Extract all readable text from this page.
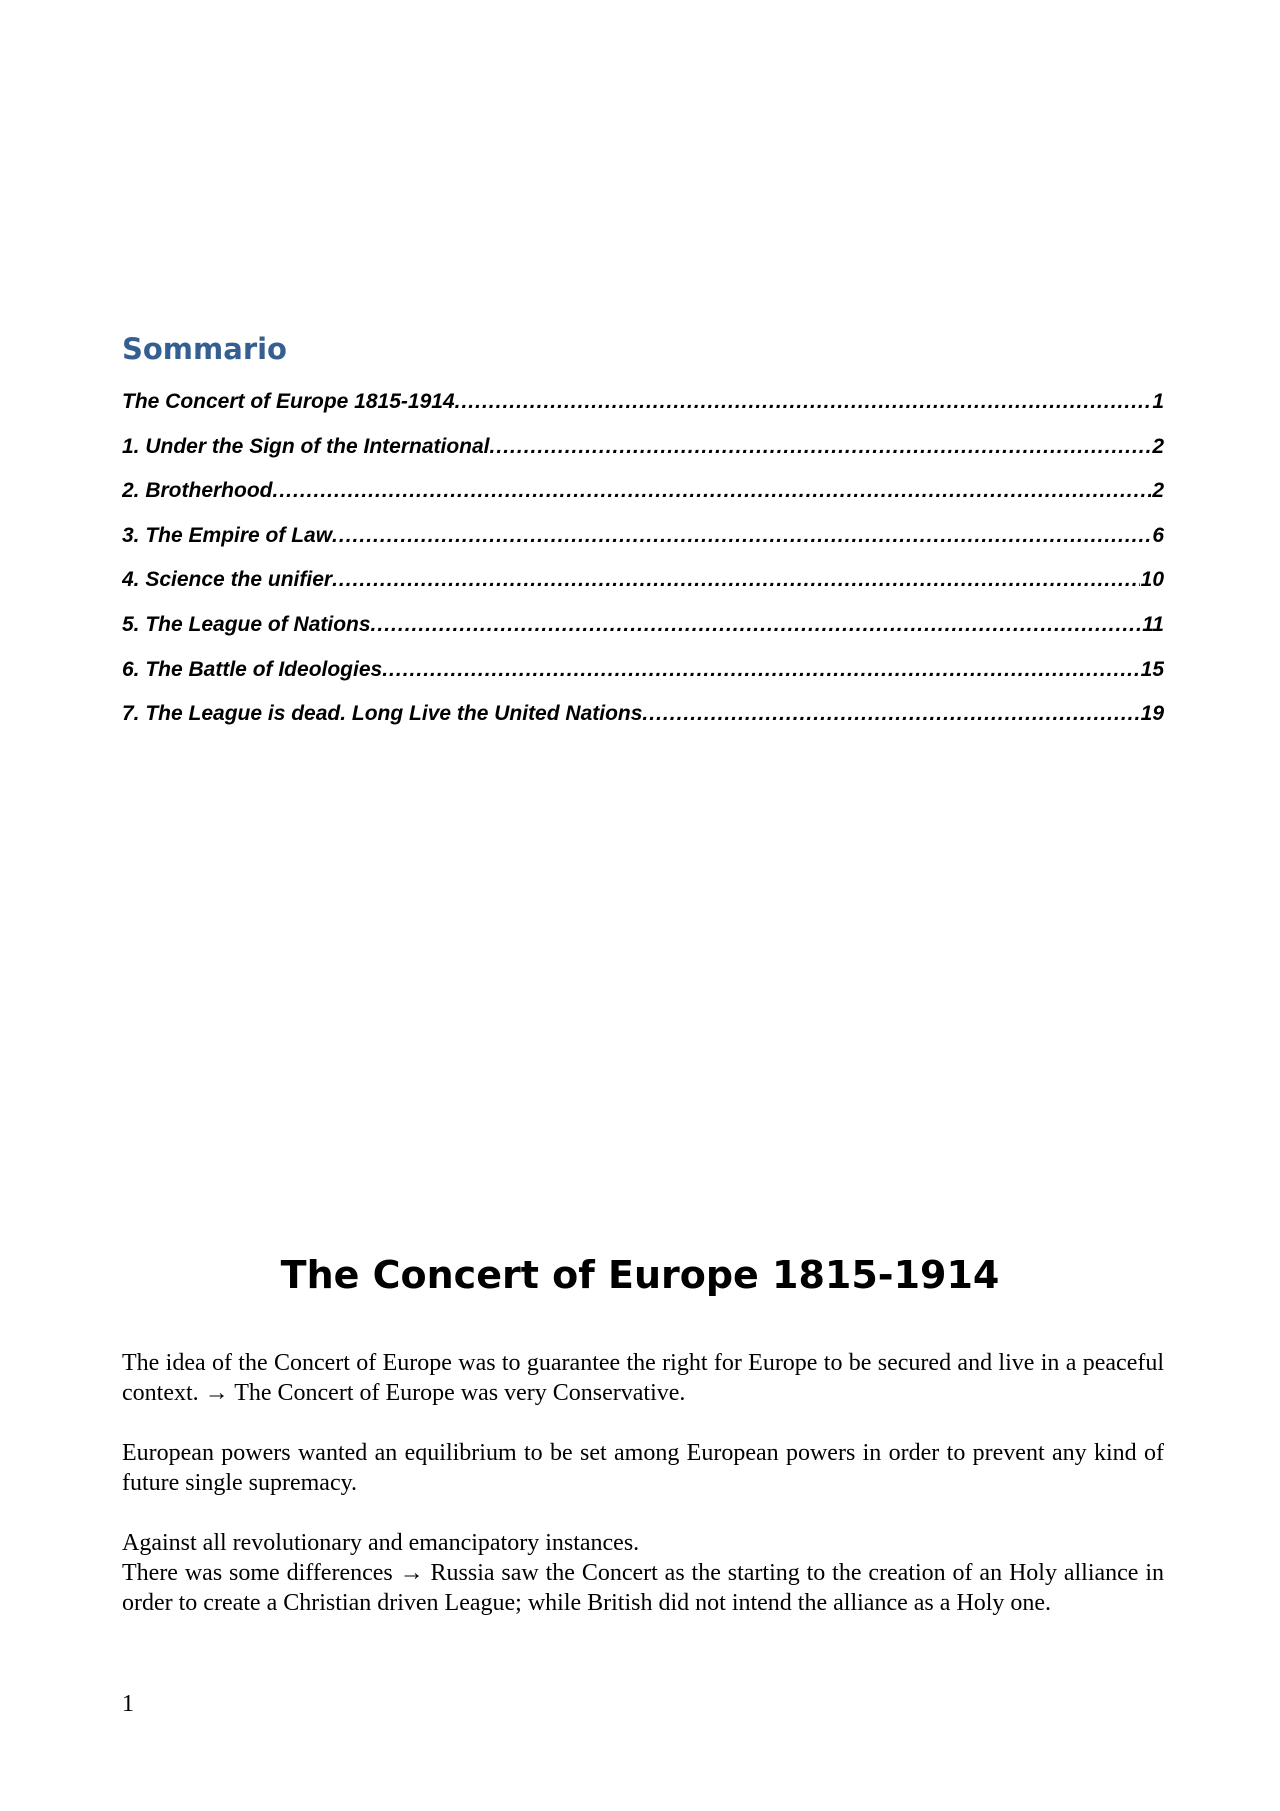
Sommario
The Concert of Europe 1815-1914 .....	1
1. Under the Sign of the International .....	2
2. Brotherhood .....	2
3. The Empire of Law .....	6
4. Science the unifier .....	10
5. The League of Nations .....	11
6. The Battle of Ideologies .....	15
7. The League is dead. Long Live the United Nations .....	19
The Concert of Europe 1815-1914

The idea of the Concert of Europe was to guarantee the right for Europe to be secured and live in a peaceful context. → The Concert of Europe was very Conservative.

European powers wanted an equilibrium to be set among European powers in order to prevent any kind of future single supremacy.

Against all revolutionary and emancipatory instances.

There was some differences → Russia saw the Concert as the starting to the creation of an Holy alliance in order to create a Christian driven League; while British did not intend the alliance as a Holy one.

1
